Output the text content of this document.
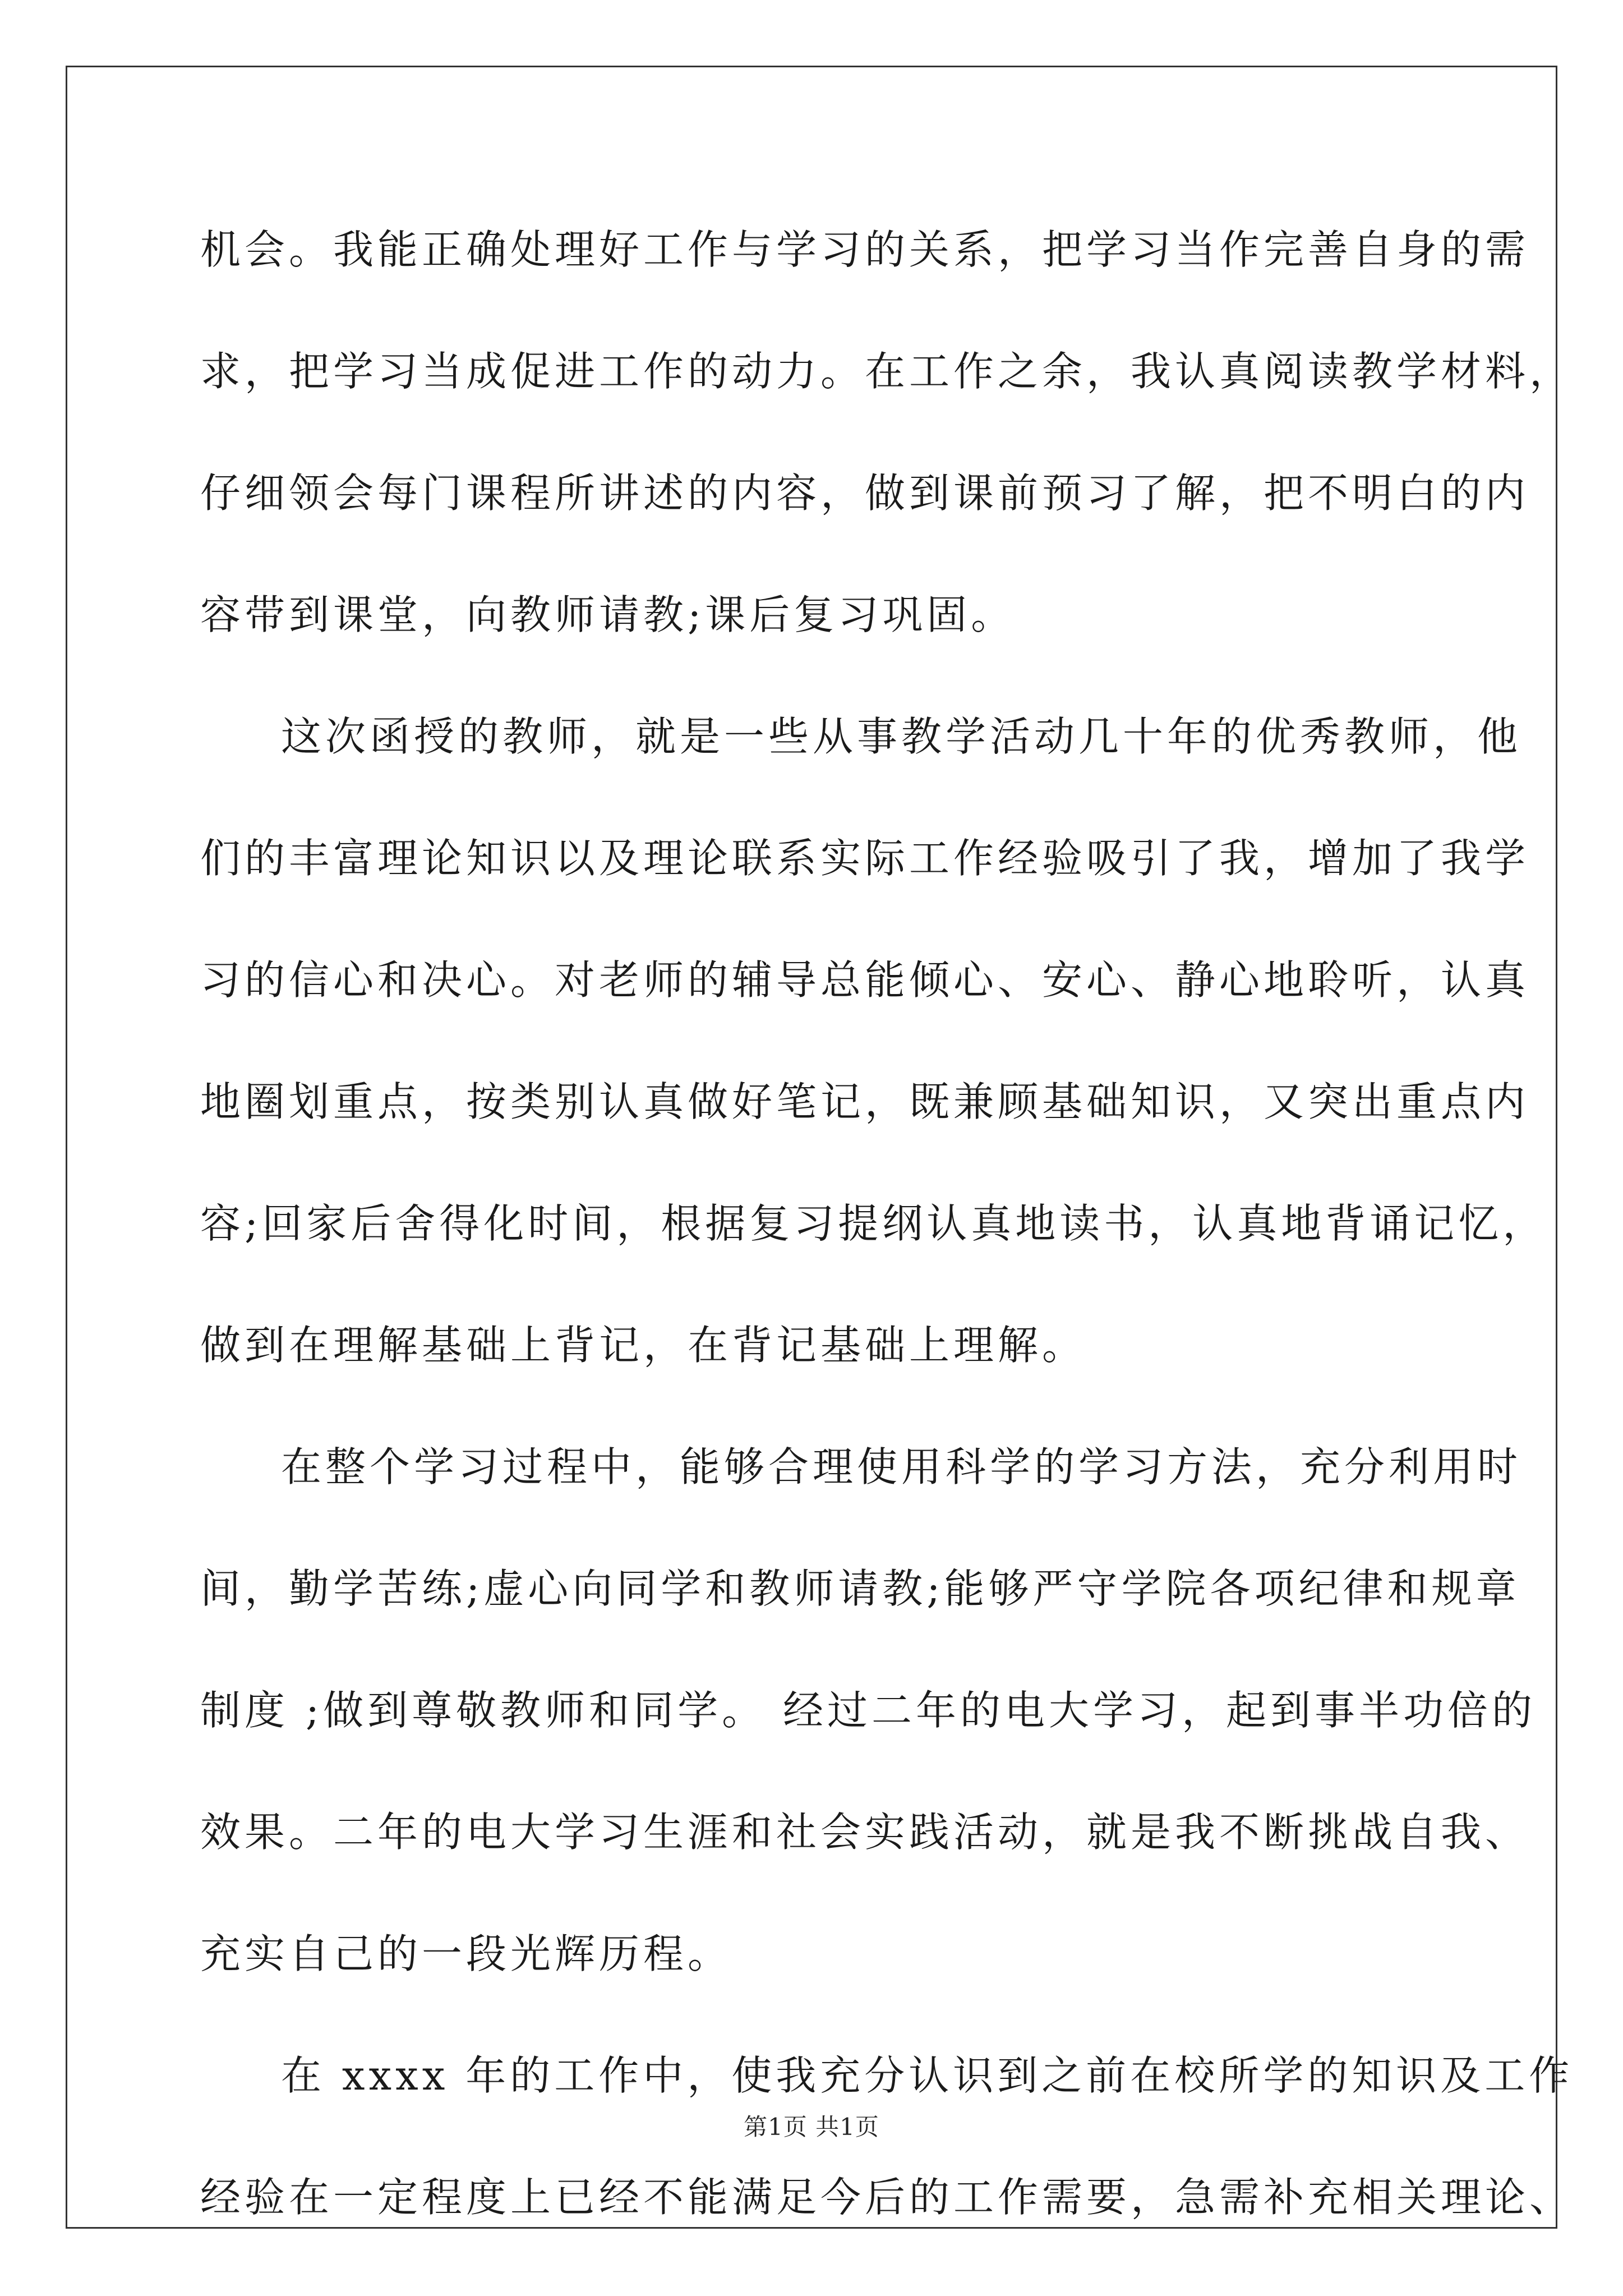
机会。我能正确处理好工作与学习的关系，把学习当作完善自身的需
求，把学习当成促进工作的动力。在工作之余，我认真阅读教学材料，
仔细领会每门课程所讲述的内容，做到课前预习了解，把不明白的内
容带到课堂，向教师请教;课后复习巩固。
这次函授的教师，就是一些从事教学活动几十年的优秀教师，他
们的丰富理论知识以及理论联系实际工作经验吸引了我，增加了我学
习的信心和决心。对老师的辅导总能倾心、安心、静心地聆听，认真
地圈划重点，按类别认真做好笔记，既兼顾基础知识，又突出重点内
容;回家后舍得化时间，根据复习提纲认真地读书，认真地背诵记忆，
做到在理解基础上背记，在背记基础上理解。
在整个学习过程中，能够合理使用科学的学习方法，充分利用时
间，勤学苦练;虚心向同学和教师请教;能够严守学院各项纪律和规章
制度 ;做到尊敬教师和同学。 经过二年的电大学习，起到事半功倍的
效果。二年的电大学习生涯和社会实践活动，就是我不断挑战自我、
充实自己的一段光辉历程。
在 xxxx 年的工作中，使我充分认识到之前在校所学的知识及工作
经验在一定程度上已经不能满足今后的工作需要，急需补充相关理论、
第1页 共1页
